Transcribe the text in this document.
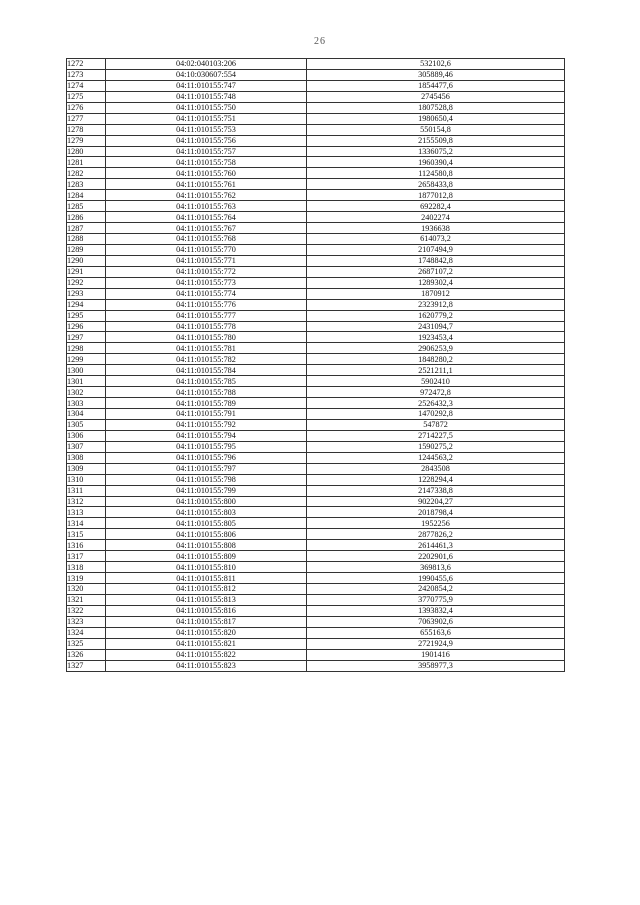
26
1272	04:02:040103:206	532102,6
1273	04:10:030607:554	305889,46
1274	04:11:010155:747	1854477,6
1275	04:11:010155:748	2745456
1276	04:11:010155:750	1807528,8
1277	04:11:010155:751	1980650,4
1278	04:11:010155:753	550154,8
1279	04:11:010155:756	2155509,8
1280	04:11:010155:757	1336075,2
1281	04:11:010155:758	1960390,4
1282	04:11:010155:760	1124580,8
1283	04:11:010155:761	2658433,8
1284	04:11:010155:762	1877012,8
1285	04:11:010155:763	692282,4
1286	04:11:010155:764	2402274
1287	04:11:010155:767	1936638
1288	04:11:010155:768	614073,2
1289	04:11:010155:770	2107494,9
1290	04:11:010155:771	1748842,8
1291	04:11:010155:772	2687107,2
1292	04:11:010155:773	1289302,4
1293	04:11:010155:774	1870912
1294	04:11:010155:776	2323912,8
1295	04:11:010155:777	1620779,2
1296	04:11:010155:778	2431094,7
1297	04:11:010155:780	1923453,4
1298	04:11:010155:781	2906253,9
1299	04:11:010155:782	1848280,2
1300	04:11:010155:784	2521211,1
1301	04:11:010155:785	5902410
1302	04:11:010155:788	972472,8
1303	04:11:010155:789	2526432,3
1304	04:11:010155:791	1470292,8
1305	04:11:010155:792	547872
1306	04:11:010155:794	2714227,5
1307	04:11:010155:795	1590275,2
1308	04:11:010155:796	1244563,2
1309	04:11:010155:797	2843508
1310	04:11:010155:798	1228294,4
1311	04:11:010155:799	2147338,8
1312	04:11:010155:800	902204,27
1313	04:11:010155:803	2018798,4
1314	04:11:010155:805	1952256
1315	04:11:010155:806	2877826,2
1316	04:11:010155:808	2614461,3
1317	04:11:010155:809	2202901,6
1318	04:11:010155:810	369813,6
1319	04:11:010155:811	1990455,6
1320	04:11:010155:812	2420854,2
1321	04:11:010155:813	3770775,9
1322	04:11:010155:816	1393832,4
1323	04:11:010155:817	7063902,6
1324	04:11:010155:820	655163,6
1325	04:11:010155:821	2721924,9
1326	04:11:010155:822	1901416
1327	04:11:010155:823	3958977,3
